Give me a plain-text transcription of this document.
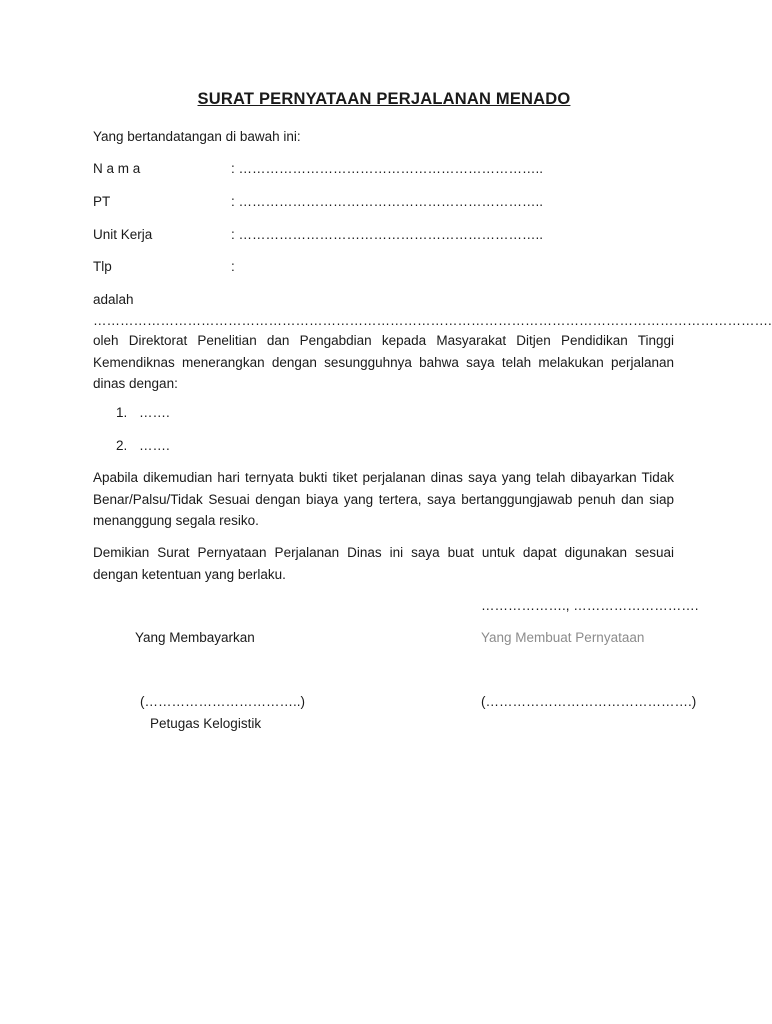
SURAT PERNYATAAN PERJALANAN MENADO
Yang bertandatangan di bawah ini:
N a m a	: …………………………………………………………..
PT	: …………………………………………………………..
Unit Kerja	: …………………………………………………………..
Tlp	:
adalah
…………………………………………………………………………………………………………………………………….
oleh Direktorat Penelitian dan Pengabdian kepada Masyarakat Ditjen Pendidikan Tinggi Kemendiknas menerangkan dengan sesungguhnya bahwa saya telah melakukan perjalanan dinas dengan:
1. …….
2. …….
Apabila dikemudian hari ternyata bukti tiket perjalanan dinas saya yang telah dibayarkan Tidak Benar/Palsu/Tidak Sesuai dengan biaya yang tertera, saya bertanggungjawab penuh dan siap menanggung segala resiko.
Demikian Surat Pernyataan Perjalanan Dinas ini saya buat untuk dapat digunakan sesuai dengan ketentuan yang berlaku.
………………., ……………………….
Yang Membayarkan	Yang Membuat Pernyataan
(……………………………..)	(……………………………………….)
Petugas Kelogistik
